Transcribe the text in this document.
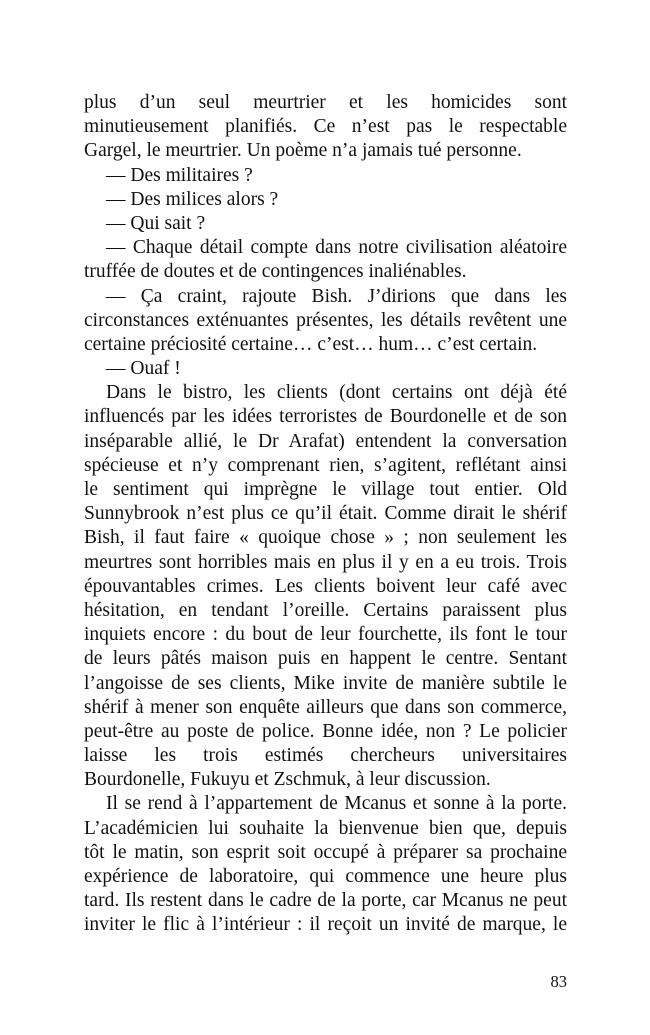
plus d’un seul meurtrier et les homicides sont
minutieusement planifiés. Ce n’est pas le respectable
Gargel, le meurtrier. Un poème n’a jamais tué personne.
— Des militaires ?
— Des milices alors ?
— Qui sait ?
— Chaque détail compte dans notre civilisation aléatoire
truffée de doutes et de contingences inaliénables.
— Ça craint, rajoute Bish. J’dirions que dans les
circonstances exténuantes présentes, les détails revêtent une
certaine préciosité certaine… c’est… hum… c’est certain.
— Ouaf !
Dans le bistro, les clients (dont certains ont déjà été
influencés par les idées terroristes de Bourdonelle et de son
inséparable allié, le Dr Arafat) entendent la conversation
spécieuse et n’y comprenant rien, s’agitent, reflétant ainsi
le sentiment qui imprègne le village tout entier. Old
Sunnybrook n’est plus ce qu’il était. Comme dirait le shérif
Bish, il faut faire « quoique chose » ; non seulement les
meurtres sont horribles mais en plus il y en a eu trois. Trois
épouvantables crimes. Les clients boivent leur café avec
hésitation, en tendant l’oreille. Certains paraissent plus
inquiets encore : du bout de leur fourchette, ils font le tour
de leurs pâtés maison puis en happent le centre. Sentant
l’angoisse de ses clients, Mike invite de manière subtile le
shérif à mener son enquête ailleurs que dans son commerce,
peut-être au poste de police. Bonne idée, non ? Le policier
laisse les trois estimés chercheurs universitaires
Bourdonelle, Fukuyu et Zschmuk, à leur discussion.
Il se rend à l’appartement de Mcanus et sonne à la porte.
L’académicien lui souhaite la bienvenue bien que, depuis
tôt le matin, son esprit soit occupé à préparer sa prochaine
expérience de laboratoire, qui commence une heure plus
tard. Ils restent dans le cadre de la porte, car Mcanus ne peut
inviter le flic à l’intérieur : il reçoit un invité de marque, le
83
